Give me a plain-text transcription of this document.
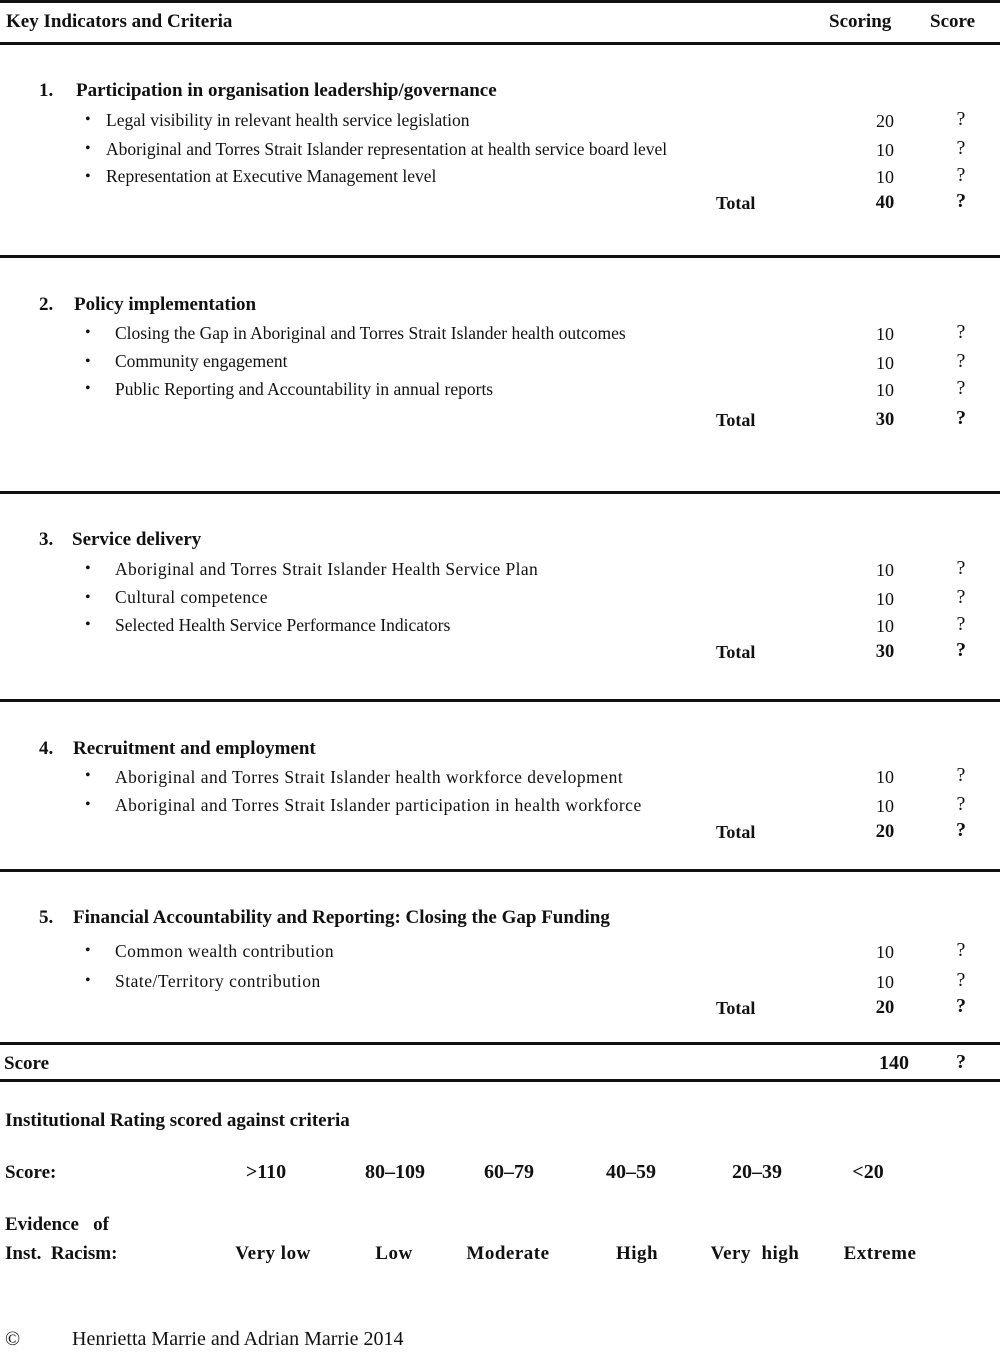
Key Indicators and Criteria	Scoring Score
1. Participation in organisation leadership/governance
• Legal visibility in relevant health service legislation	20	?
• Aboriginal and Torres Strait Islander representation at health service board level	10	?
• Representation at Executive Management level	10	?
Total	40	?
2. Policy implementation
• Closing the Gap in Aboriginal and Torres Strait Islander health outcomes	10	?
• Community engagement	10	?
• Public Reporting and Accountability in annual reports	10	?
Total	30	?
3. Service delivery
• Aboriginal and Torres Strait Islander Health Service Plan	10	?
• Cultural competence	10	?
• Selected Health Service Performance Indicators	10	?
Total	30	?
4. Recruitment and employment
• Aboriginal and Torres Strait Islander health workforce development	10	?
• Aboriginal and Torres Strait Islander participation in health workforce	10	?
Total	20	?
5. Financial Accountability and Reporting: Closing the Gap Funding
• Common wealth contribution	10	?
• State/Territory contribution	10	?
Total	20	?
Score	140	?
Institutional Rating scored against criteria
Score:	>110	80–109	60–79	40–59	20–39	<20
Evidence   of
Inst.  Racism:	Very low	Low	Moderate	High	Very  high	Extreme
©	Henrietta Marrie and Adrian Marrie 2014
